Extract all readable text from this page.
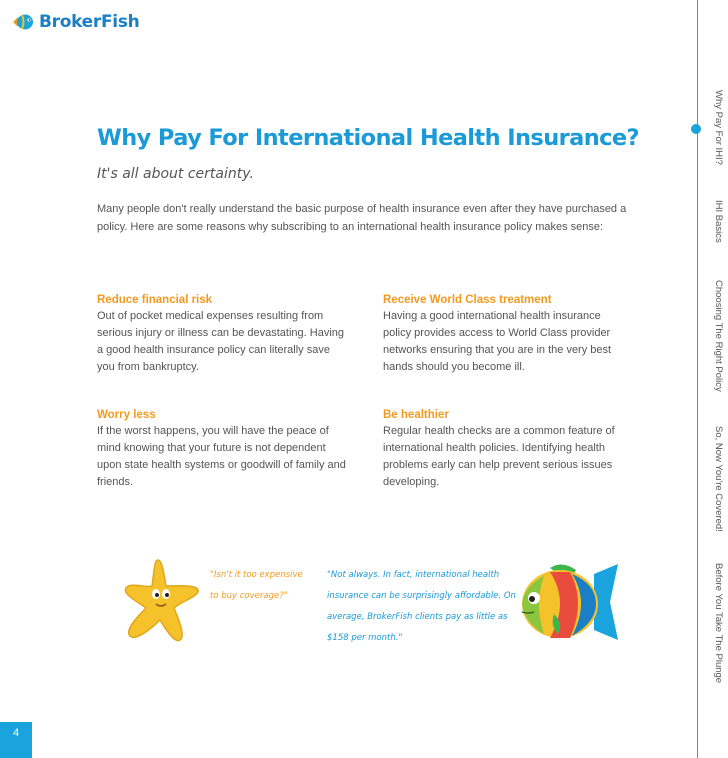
BrokerFish
Why Pay For IHI?
IHI Basics
Choosing The Right Policy
So, Now You're Covered!
Before You Take The Plunge
Why Pay For International Health Insurance?

It's all about certainty.

Many people don't really understand the basic purpose of health insurance even after they have purchased a policy. Here are some reasons why subscribing to an international health insurance policy makes sense:

Reduce financial risk

Out of pocket medical expenses resulting from serious injury or illness can be devastating. Having a good health insurance policy can literally save you from bankruptcy.

Receive World Class treatment

Having a good international health insurance policy provides access to World Class provider networks ensuring that you are in the very best hands should you become ill.

Worry less

If the worst happens, you will have the peace of mind knowing that your future is not dependent upon state health systems or goodwill of family and friends.

Be healthier

Regular health checks are a common feature of international health policies. Identifying health problems early can help prevent serious issues developing.

"Isn't it too expensive to buy coverage?"
"Not always. In fact, international health insurance can be surprisingly affordable. On average, BrokerFish clients pay as little as $158 per month."
4
